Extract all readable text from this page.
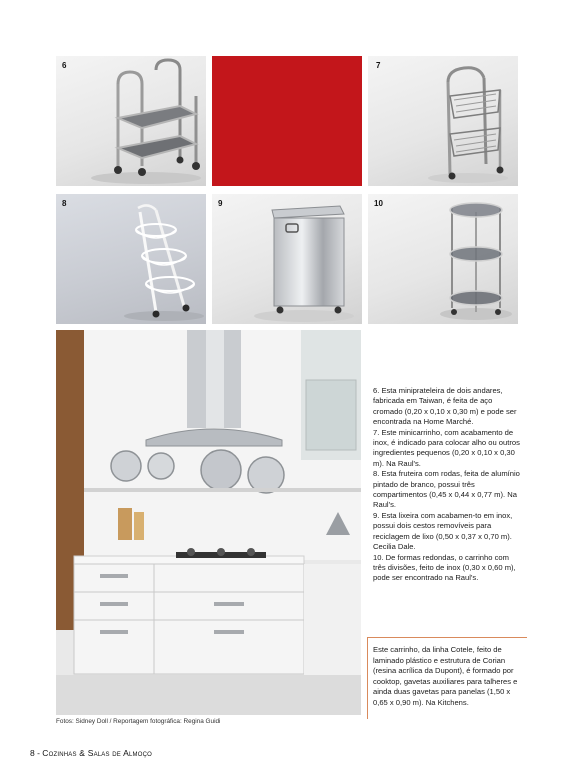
6	7
8	9	10

6. Esta miniprateleira de dois andares, fabricada em Taiwan, é feita de aço cromado (0,20 x 0,10 x 0,30 m) e pode ser encontrada na Home Marché.

7. Este minicarrinho, com acabamento de inox, é indicado para colocar alho ou outros ingredientes pequenos (0,20 x 0,10 x 0,30 m). Na Raul's.

8. Esta fruteira com rodas, feita de alumínio pintado de branco, possui três compartimentos (0,45 x 0,44 x 0,77 m). Na Raul's.

9. Esta lixeira com acabamen-to em inox, possui dois cestos removíveis para reciclagem de lixo (0,50 x 0,37 x 0,70 m). Cecilia Dale.

10. De formas redondas, o carrinho com três divisões, feito de inox (0,30 x 0,60 m), pode ser encontrado na Raul's.

Este carrinho, da linha Cotele, feito de laminado plástico e estrutura de Corian (resina acrílica da Dupont), é formado por cooktop, gavetas auxiliares para talheres e ainda duas gavetas para panelas (1,50 x 0,65 x 0,90 m). Na Kitchens.
Fotos: Sidney Doll / Reportagem fotográfica: Regina Guidi
8 - Cozinhas & Salas de Almoço
